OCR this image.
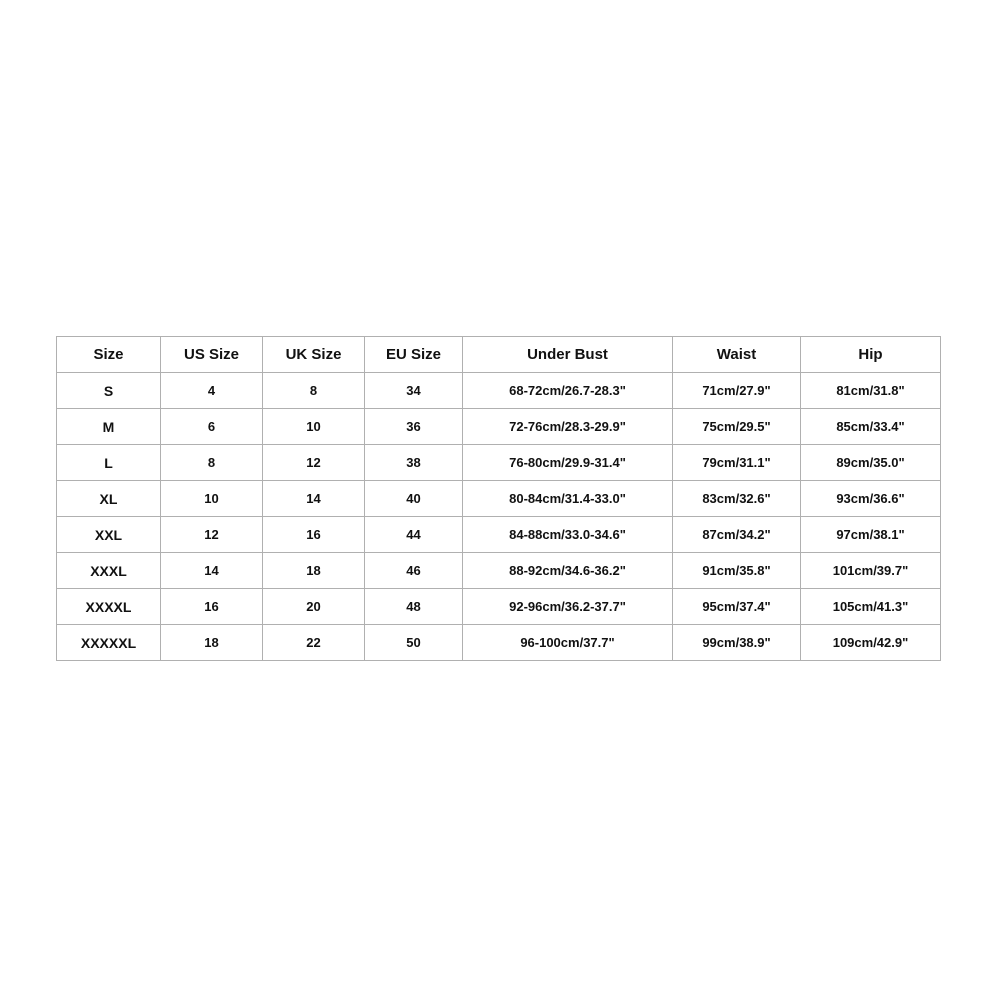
Size	US Size	UK Size	EU Size	Under Bust	Waist	Hip
S	4	8	34	68-72cm/26.7-28.3"	71cm/27.9"	81cm/31.8"
M	6	10	36	72-76cm/28.3-29.9"	75cm/29.5"	85cm/33.4"
L	8	12	38	76-80cm/29.9-31.4"	79cm/31.1"	89cm/35.0"
XL	10	14	40	80-84cm/31.4-33.0"	83cm/32.6"	93cm/36.6"
XXL	12	16	44	84-88cm/33.0-34.6"	87cm/34.2"	97cm/38.1"
XXXL	14	18	46	88-92cm/34.6-36.2"	91cm/35.8"	101cm/39.7"
XXXXL	16	20	48	92-96cm/36.2-37.7"	95cm/37.4"	105cm/41.3"
XXXXXL	18	22	50	96-100cm/37.7"	99cm/38.9"	109cm/42.9"
